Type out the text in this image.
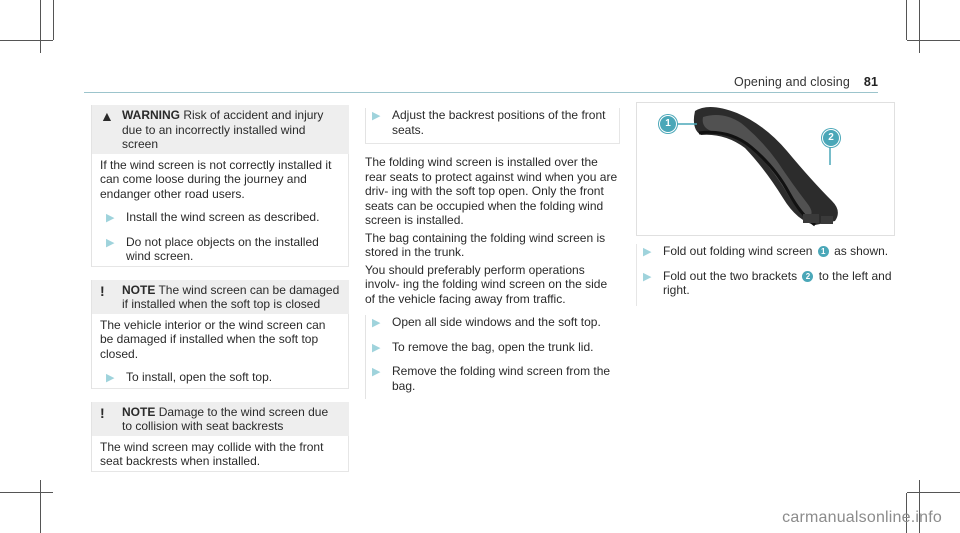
Opening and closing 81
▲ WARNING Risk of accident and injury due to an incorrectly installed wind screen

If the wind screen is not correctly installed it can come loose during the journey and endanger other road users.

▶ Install the wind screen as described.
▶ Do not place objects on the installed wind screen.
!	NOTE The wind screen can be damaged if installed when the soft top is closed

The vehicle interior or the wind screen can be damaged if installed when the soft top closed.

▶ To install, open the soft top.
!	NOTE Damage to the wind screen due to collision with seat backrests

The wind screen may collide with the front seat backrests when installed.

▶ Adjust the backrest positions of the front seats.

The folding wind screen is installed over the rear seats to protect against wind when you are driv- ing with the soft top open. Only the front seats can be occupied when the folding wind screen is installed.

The bag containing the folding wind screen is stored in the trunk.

You should preferably perform operations involv- ing the folding wind screen on the side of the vehicle facing away from traffic.

▶ Open all side windows and the soft top.
▶ To remove the bag, open the trunk lid.
▶ Remove the folding wind screen from the bag.
1
2
▶ Fold out folding wind screen 1 as shown.
▶ Fold out the two brackets 2 to the left and right.
carmanualsonline.info
